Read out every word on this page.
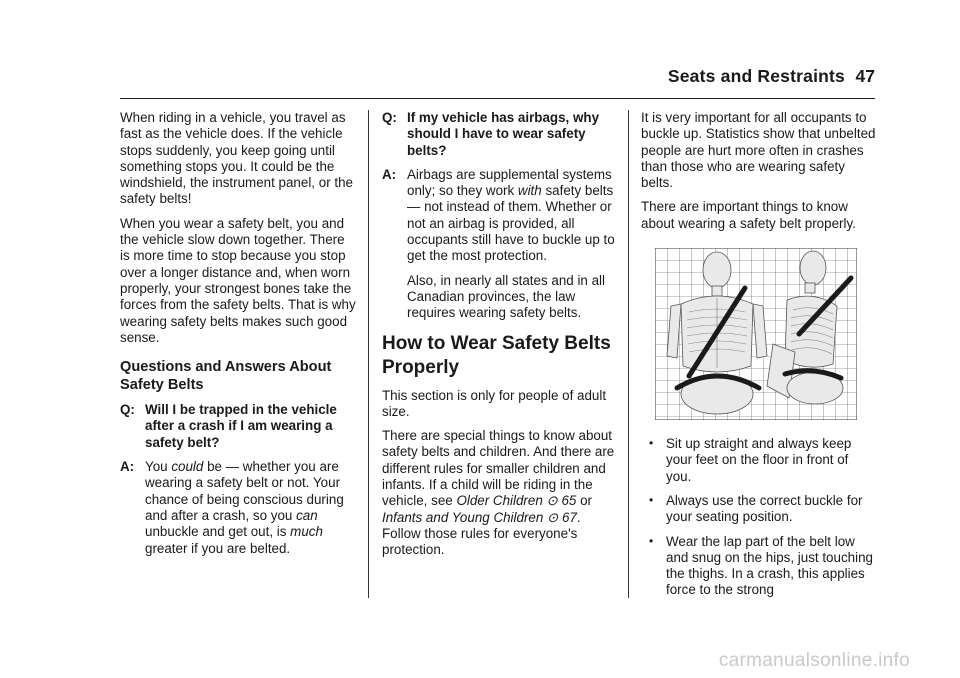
Seats and Restraints 47

When riding in a vehicle, you travel as fast as the vehicle does. If the vehicle stops suddenly, you keep going until something stops you. It could be the windshield, the instrument panel, or the safety belts!

When you wear a safety belt, you and the vehicle slow down together. There is more time to stop because you stop over a longer distance and, when worn properly, your strongest bones take the forces from the safety belts. That is why wearing safety belts makes such good sense.

Questions and Answers About Safety Belts
Q: Will I be trapped in the vehicle after a crash if I am wearing a safety belt?
A: You could be — whether you are wearing a safety belt or not. Your chance of being conscious during and after a crash, so you can unbuckle and get out, is much greater if you are belted.
Q: If my vehicle has airbags, why should I have to wear safety belts?
A: Airbags are supplemental systems only; so they work with safety belts — not instead of them. Whether or not an airbag is provided, all occupants still have to buckle up to get the most protection.
Also, in nearly all states and in all Canadian provinces, the law requires wearing safety belts.
How to Wear Safety Belts Properly

This section is only for people of adult size.

There are special things to know about safety belts and children. And there are different rules for smaller children and infants. If a child will be riding in the vehicle, see Older Children ⊙ 65 or Infants and Young Children ⊙ 67. Follow those rules for everyone's protection.

It is very important for all occupants to buckle up. Statistics show that unbelted people are hurt more often in crashes than those who are wearing safety belts.

There are important things to know about wearing a safety belt properly.

• Sit up straight and always keep your feet on the floor in front of you.
• Always use the correct buckle for your seating position.
• Wear the lap part of the belt low and snug on the hips, just touching the thighs. In a crash, this applies force to the strong
carmanualsonline.info
